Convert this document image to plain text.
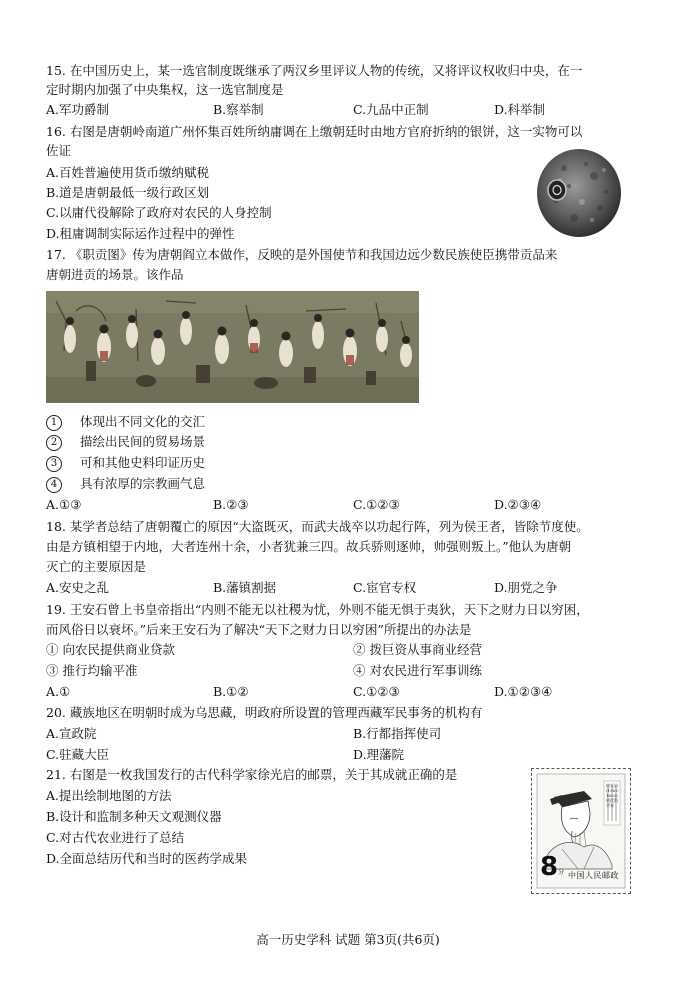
15. 在中国历史上，某一选官制度既继承了两汉乡里评议人物的传统，又将评议权收归中央，在一
定时期内加强了中央集权，这一选官制度是
A.军功爵制	B.察举制	C.九品中正制	D.科举制
16. 右图是唐朝岭南道广州怀集百姓所纳庸调在上缴朝廷时由地方官府折纳的银饼，这一实物可以
佐证
A.百姓普遍使用货币缴纳赋税
B.道是唐朝最低一级行政区划
C.以庸代役解除了政府对农民的人身控制
D.租庸调制实际运作过程中的弹性
17. 《职贡图》传为唐朝阎立本做作，反映的是外国使节和我国边远少数民族使臣携带贡品来
唐朝进贡的场景。该作品
1 体现出不同文化的交汇
2 描绘出民间的贸易场景
3 可和其他史料印证历史
4 具有浓厚的宗教画气息
A.①③	B.②③	C.①②③	D.②③④
18. 某学者总结了唐朝覆亡的原因“大盗既灭，而武夫战卒以功起行阵，列为侯王者，皆除节度使。
由是方镇相望于内地，大者连州十余，小者犹兼三四。故兵骄则逐帅，帅强则叛上。”他认为唐朝
灭亡的主要原因是
A.安史之乱	B.藩镇割据	C.宦官专权	D.朋党之争
19. 王安石曾上书皇帝指出“内则不能无以社稷为忧，外则不能无惧于夷狄，天下之财力日以穷困，
而风俗日以衰坏。”后来王安石为了解决“天下之财力日以穷困”所提出的办法是
① 向农民提供商业贷款	② 拨巨资从事商业经营
③ 推行均输平准	④ 对农民进行军事训练
A.①	B.①②	C.①②③	D.①②③④
20. 藏族地区在明朝时成为乌思藏，明政府所设置的管理西藏军民事务的机构有
A.宣政院	B.行都指挥使司
C.驻藏大臣	D.理藩院
21. 右图是一枚我国发行的古代科学家徐光启的邮票，关于其成就正确的是
A.提出绘制地图的方法
B.设计和监制多种天文观测仪器
C.对古代农业进行了总结
D.全面总结历代和当时的医药学成果	8 分 中国人民邮政
徐光启(1562-1633) 明代科学家
高一历史学科 试题 第3页(共6页)
